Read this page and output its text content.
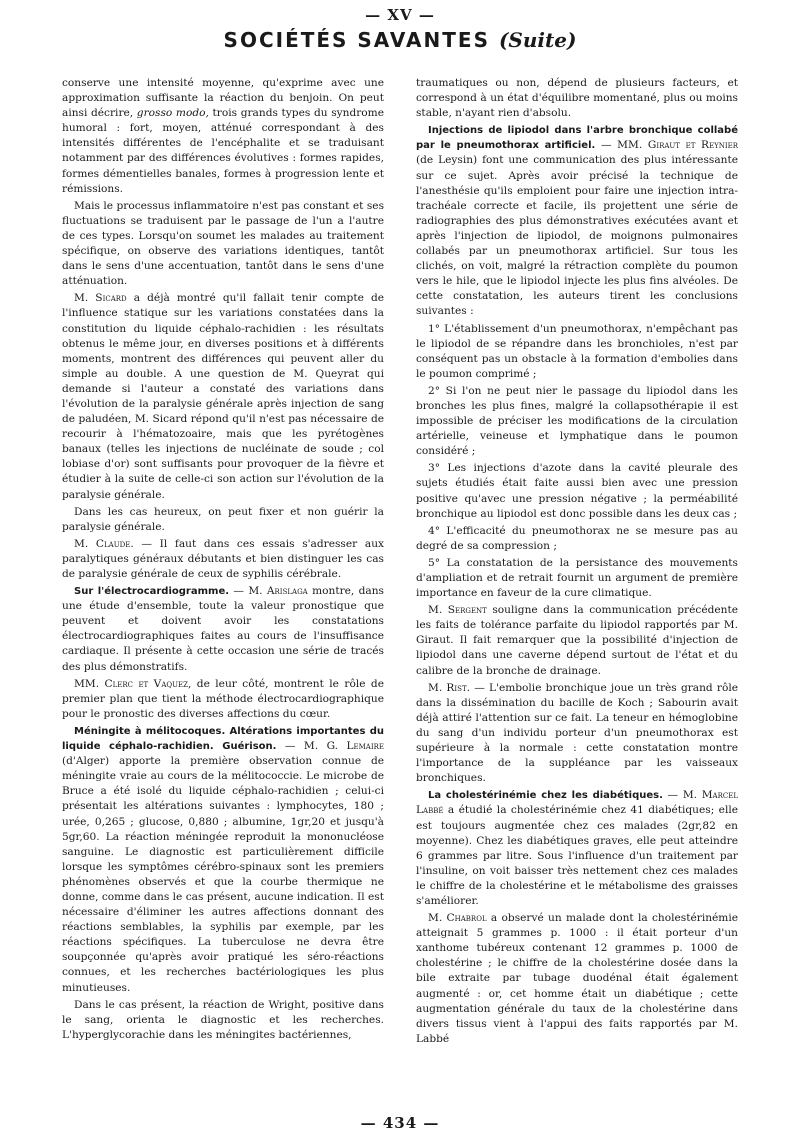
— XV —
SOCIÉTÉS SAVANTES (Suite)

conserve une intensité moyenne, qu'exprime avec une approximation suffisante la réaction du benjoin. On peut ainsi décrire, grosso modo, trois grands types du syndrome humoral : fort, moyen, atténué correspondant à des intensités différentes de l'encéphalite et se traduisant notamment par des différences évolutives : formes rapides, formes démentielles banales, formes à progression lente et rémissions.

Mais le processus inflammatoire n'est pas constant et ses fluctuations se traduisent par le passage de l'un a l'autre de ces types. Lorsqu'on soumet les malades au traitement spécifique, on observe des variations identiques, tantôt dans le sens d'une accentuation, tantôt dans le sens d'une atténuation.

M. Sicard a déjà montré qu'il fallait tenir compte de l'influence statique sur les variations constatées dans la constitution du liquide céphalo-rachidien : les résultats obtenus le même jour, en diverses positions et à différents moments, montrent des différences qui peuvent aller du simple au double. A une question de M. Queyrat qui demande si l'auteur a constaté des variations dans l'évolution de la paralysie générale après injection de sang de paludéen, M. Sicard répond qu'il n'est pas nécessaire de recourir à l'hématozoaire, mais que les pyrétogènes banaux (telles les injections de nucléinate de soude ; col lobiase d'or) sont suffisants pour provoquer de la fièvre et étudier à la suite de celle-ci son action sur l'évolution de la paralysie générale.

Dans les cas heureux, on peut fixer et non guérir la paralysie générale.

M. Claude. — Il faut dans ces essais s'adresser aux paralytiques généraux débutants et bien distinguer les cas de paralysie générale de ceux de syphilis cérébrale.

Sur l'électrocardiogramme. — M. Arislaga montre, dans une étude d'ensemble, toute la valeur pronostique que peuvent et doivent avoir les constatations électrocardiographiques faites au cours de l'insuffisance cardiaque. Il présente à cette occasion une série de tracés des plus démonstratifs.

MM. Clerc et Vaquez, de leur côté, montrent le rôle de premier plan que tient la méthode électrocardiographique pour le pronostic des diverses affections du cœur.

Méningite à mélitocoques. Altérations importantes du liquide céphalo-rachidien. Guérison. — M. G. Lemaire (d'Alger) apporte la première observation connue de méningite vraie au cours de la mélitococcie. Le microbe de Bruce a été isolé du liquide céphalo-rachidien ; celui-ci présentait les altérations suivantes : lymphocytes, 180 ; urée, 0,265 ; glucose, 0,880 ; albumine, 1gr,20 et jusqu'à 5gr,60. La réaction méningée reproduit la mononucléose sanguine. Le diagnostic est particulièrement difficile lorsque les symptômes cérébro-spinaux sont les premiers phénomènes observés et que la courbe thermique ne donne, comme dans le cas présent, aucune indication. Il est nécessaire d'éliminer les autres affections donnant des réactions semblables, la syphilis par exemple, par les réactions spécifiques. La tuberculose ne devra être soupçonnée qu'après avoir pratiqué les séro-réactions connues, et les recherches bactériologiques les plus minutieuses.

Dans le cas présent, la réaction de Wright, positive dans le sang, orienta le diagnostic et les recherches. L'hyperglycorachie dans les méningites bactériennes,

traumatiques ou non, dépend de plusieurs facteurs, et correspond à un état d'équilibre momentané, plus ou moins stable, n'ayant rien d'absolu.

Injections de lipiodol dans l'arbre bronchique collabé par le pneumothorax artificiel. — MM. Giraut et Reynier (de Leysin) font une communication des plus intéressante sur ce sujet. Après avoir précisé la technique de l'anesthésie qu'ils emploient pour faire une injection intra-trachéale correcte et facile, ils projettent une série de radiographies des plus démonstratives exécutées avant et après l'injection de lipiodol, de moignons pulmonaires collabés par un pneumothorax artificiel. Sur tous les clichés, on voit, malgré la rétraction complète du poumon vers le hile, que le lipiodol injecte les plus fins alvéoles. De cette constatation, les auteurs tirent les conclusions suivantes :

1° L'établissement d'un pneumothorax, n'empêchant pas le lipiodol de se répandre dans les bronchioles, n'est par conséquent pas un obstacle à la formation d'embolies dans le poumon comprimé ;

2° Si l'on ne peut nier le passage du lipiodol dans les bronches les plus fines, malgré la collapsothérapie il est impossible de préciser les modifications de la circulation artérielle, veineuse et lymphatique dans le poumon considéré ;

3° Les injections d'azote dans la cavité pleurale des sujets étudiés était faite aussi bien avec une pression positive qu'avec une pression négative ; la perméabilité bronchique au lipiodol est donc possible dans les deux cas ;

4° L'efficacité du pneumothorax ne se mesure pas au degré de sa compression ;

5° La constatation de la persistance des mouvements d'ampliation et de retrait fournit un argument de première importance en faveur de la cure climatique.

M. Sergent souligne dans la communication précédente les faits de tolérance parfaite du lipiodol rapportés par M. Giraut. Il fait remarquer que la possibilité d'injection de lipiodol dans une caverne dépend surtout de l'état et du calibre de la bronche de drainage.

M. Rist. — L'embolie bronchique joue un très grand rôle dans la dissémination du bacille de Koch ; Sabourin avait déjà attiré l'attention sur ce fait. La teneur en hémoglobine du sang d'un individu porteur d'un pneumothorax est supérieure à la normale : cette constatation montre l'importance de la suppléance par les vaisseaux bronchiques.

La cholestérinémie chez les diabétiques. — M. Marcel Labbé a étudié la cholestérinémie chez 41 diabétiques; elle est toujours augmentée chez ces malades (2gr,82 en moyenne). Chez les diabétiques graves, elle peut atteindre 6 grammes par litre. Sous l'influence d'un traitement par l'insuline, on voit baisser très nettement chez ces malades le chiffre de la cholestérine et le métabolisme des graisses s'améliorer.

M. Chabrol a observé un malade dont la cholestérinémie atteignait 5 grammes p. 1000 : il était porteur d'un xanthome tubéreux contenant 12 grammes p. 1000 de cholestérine ; le chiffre de la cholestérine dosée dans la bile extraite par tubage duodénal était également augmenté : or, cet homme était un diabétique ; cette augmentation générale du taux de la cholestérine dans divers tissus vient à l'appui des faits rapportés par M. Labbé

— 434 —
